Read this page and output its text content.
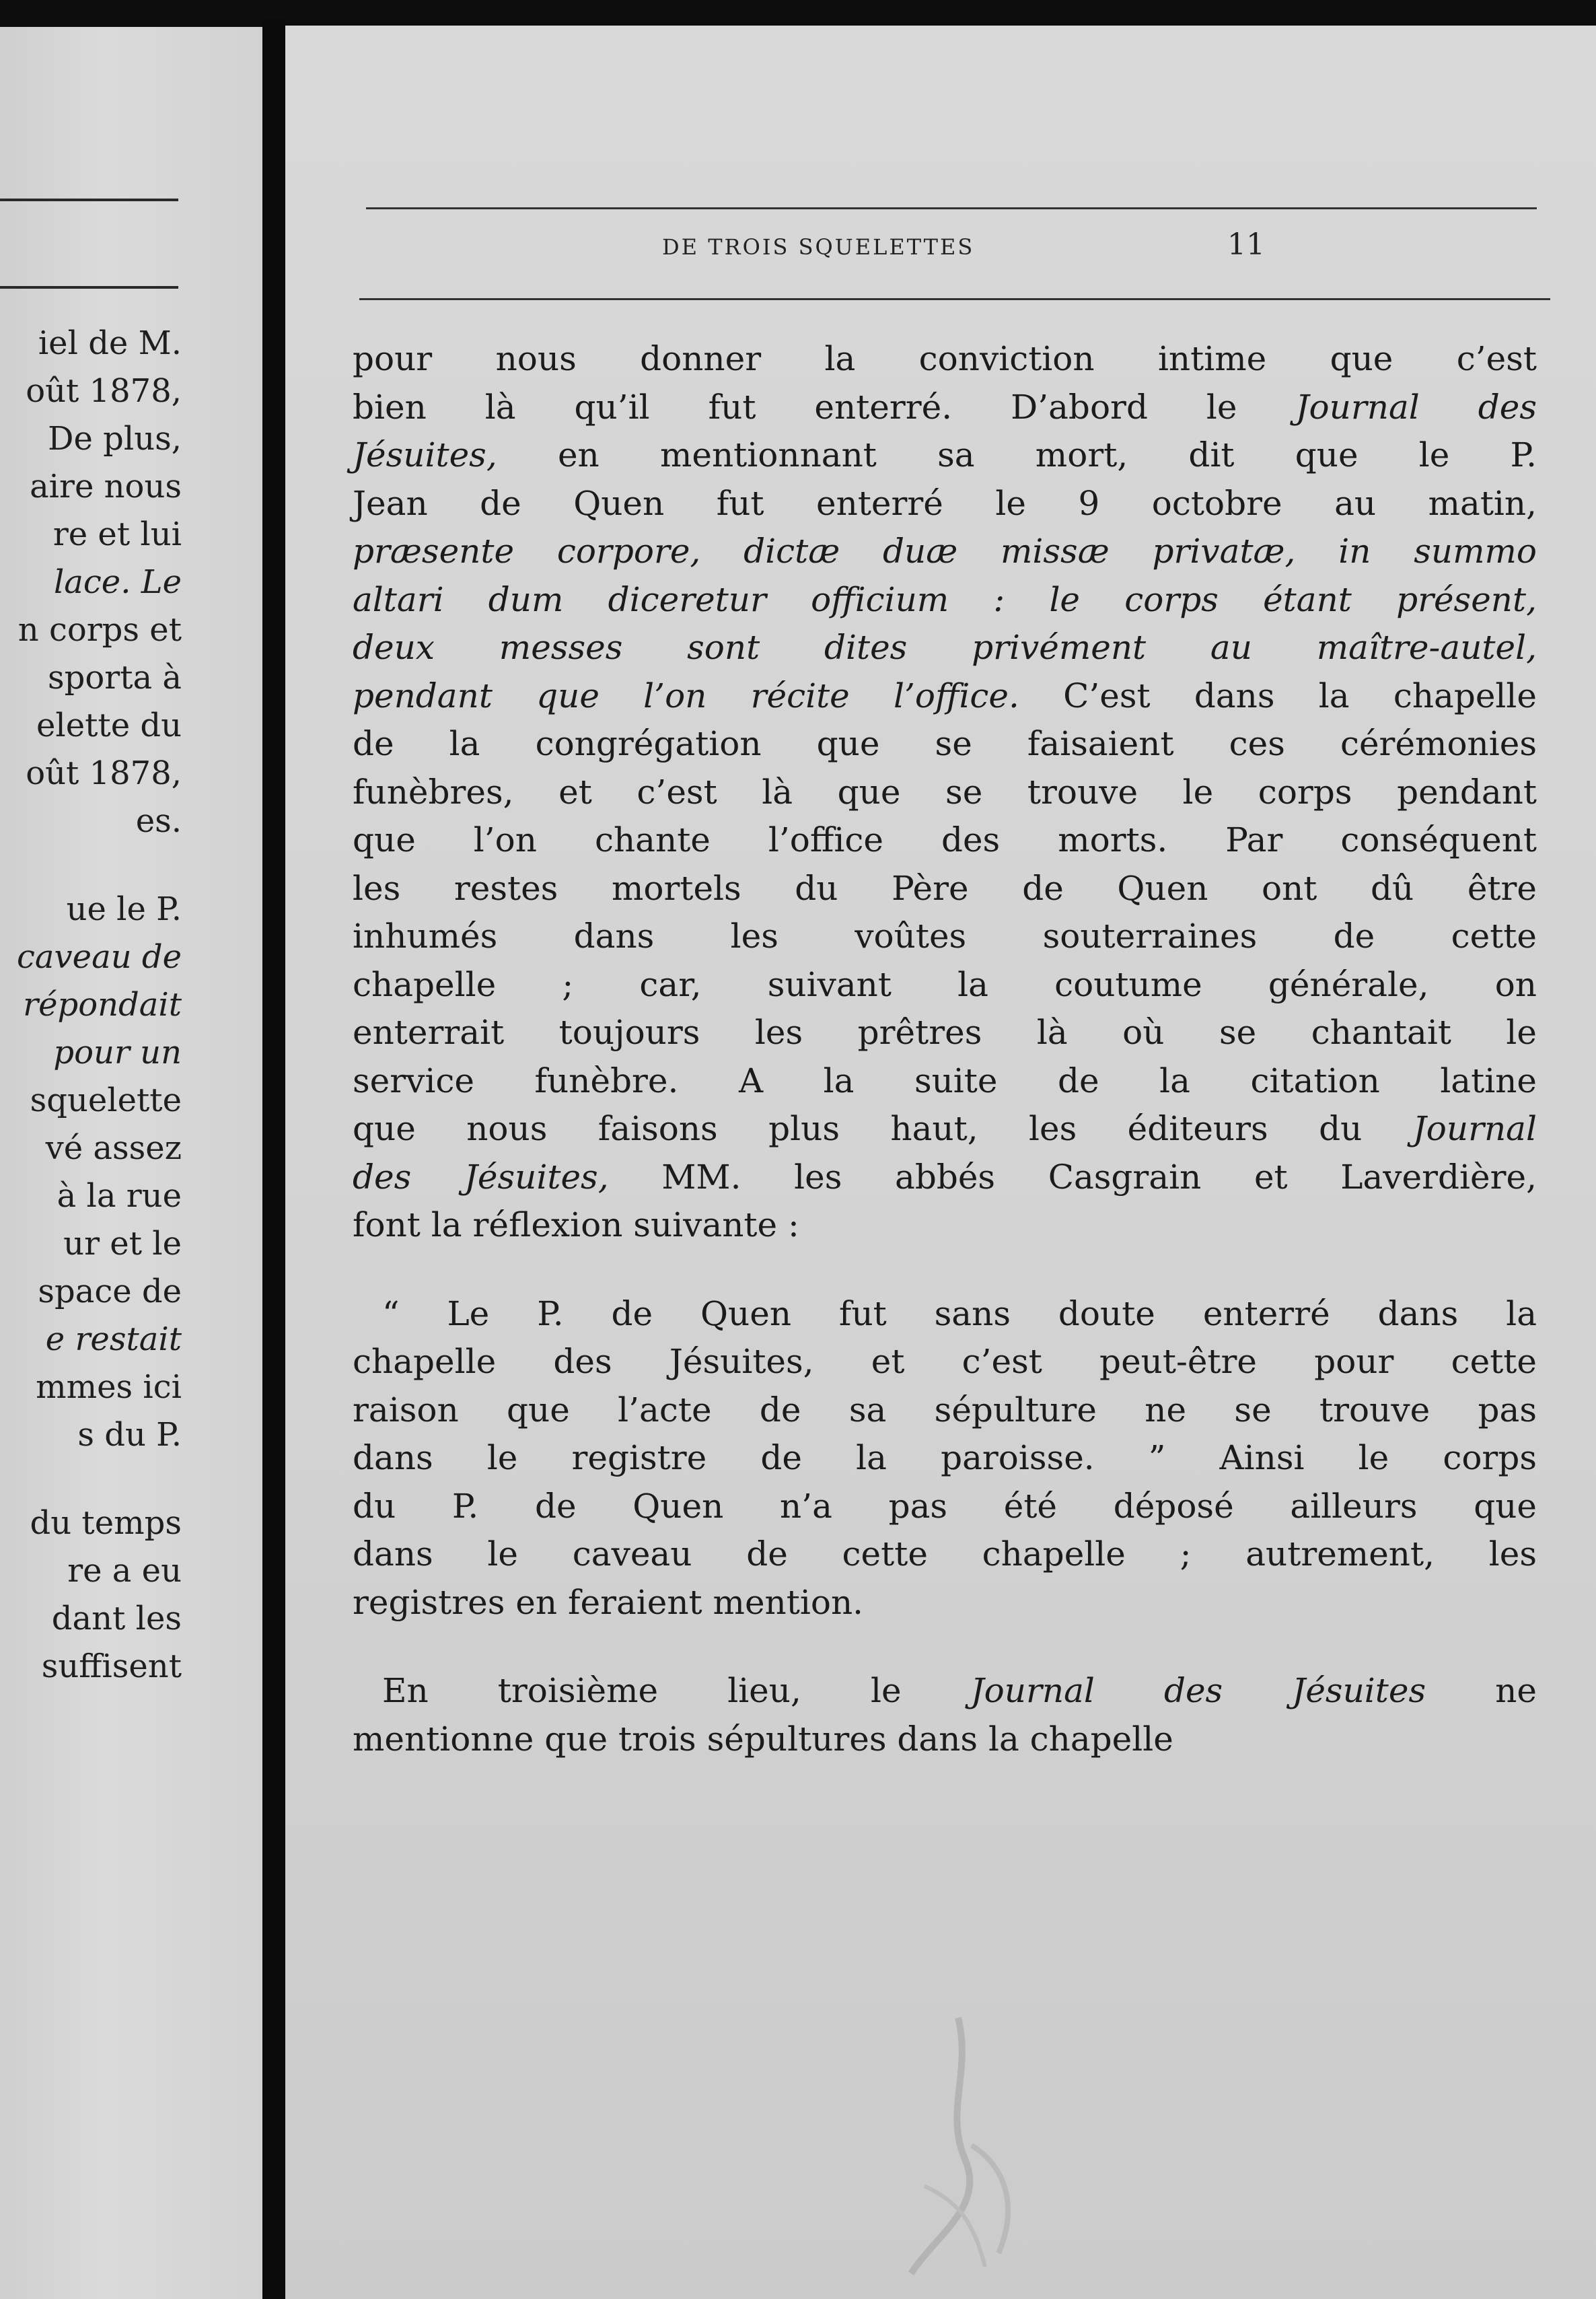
iel de M.
oût 1878,
De plus,
aire nous
re et lui
lace. Le
n corps et
sporta à
elette du
oût 1878,
es.
ue le P.
caveau de
répondait
pour un
squelette
vé assez
à la rue
ur et le
space de
e restait
mmes ici
s du P.
du temps
re a eu
dant les
suffisent
DE TROIS SQUELETTES	11
pour nous donner la conviction intime que c’est
bien là qu’il fut enterré. D’abord le Journal des
Jésuites, en mentionnant sa mort, dit que le P.
Jean de Quen fut enterré le 9 octobre au matin,
præsente corpore, dictæ duæ missæ privatæ, in summo
altari dum diceretur officium : le corps étant présent,
deux messes sont dites privément au maître-autel,
pendant que l’on récite l’office. C’est dans la chapelle
de la congrégation que se faisaient ces cérémonies
funèbres, et c’est là que se trouve le corps pendant
que l’on chante l’office des morts. Par conséquent
les restes mortels du Père de Quen ont dû être
inhumés dans les voûtes souterraines de cette
chapelle ; car, suivant la coutume générale, on
enterrait toujours les prêtres là où se chantait le
service funèbre. A la suite de la citation latine
que nous faisons plus haut, les éditeurs du Journal
des Jésuites, MM. les abbés Casgrain et Laverdière,
font la réflexion suivante :
“ Le P. de Quen fut sans doute enterré dans la
chapelle des Jésuites, et c’est peut-être pour cette
raison que l’acte de sa sépulture ne se trouve pas
dans le registre de la paroisse. ” Ainsi le corps
du P. de Quen n’a pas été déposé ailleurs que
dans le caveau de cette chapelle ; autrement, les
registres en feraient mention.
En troisième lieu, le Journal des Jésuites ne
mentionne que trois sépultures dans la chapelle
